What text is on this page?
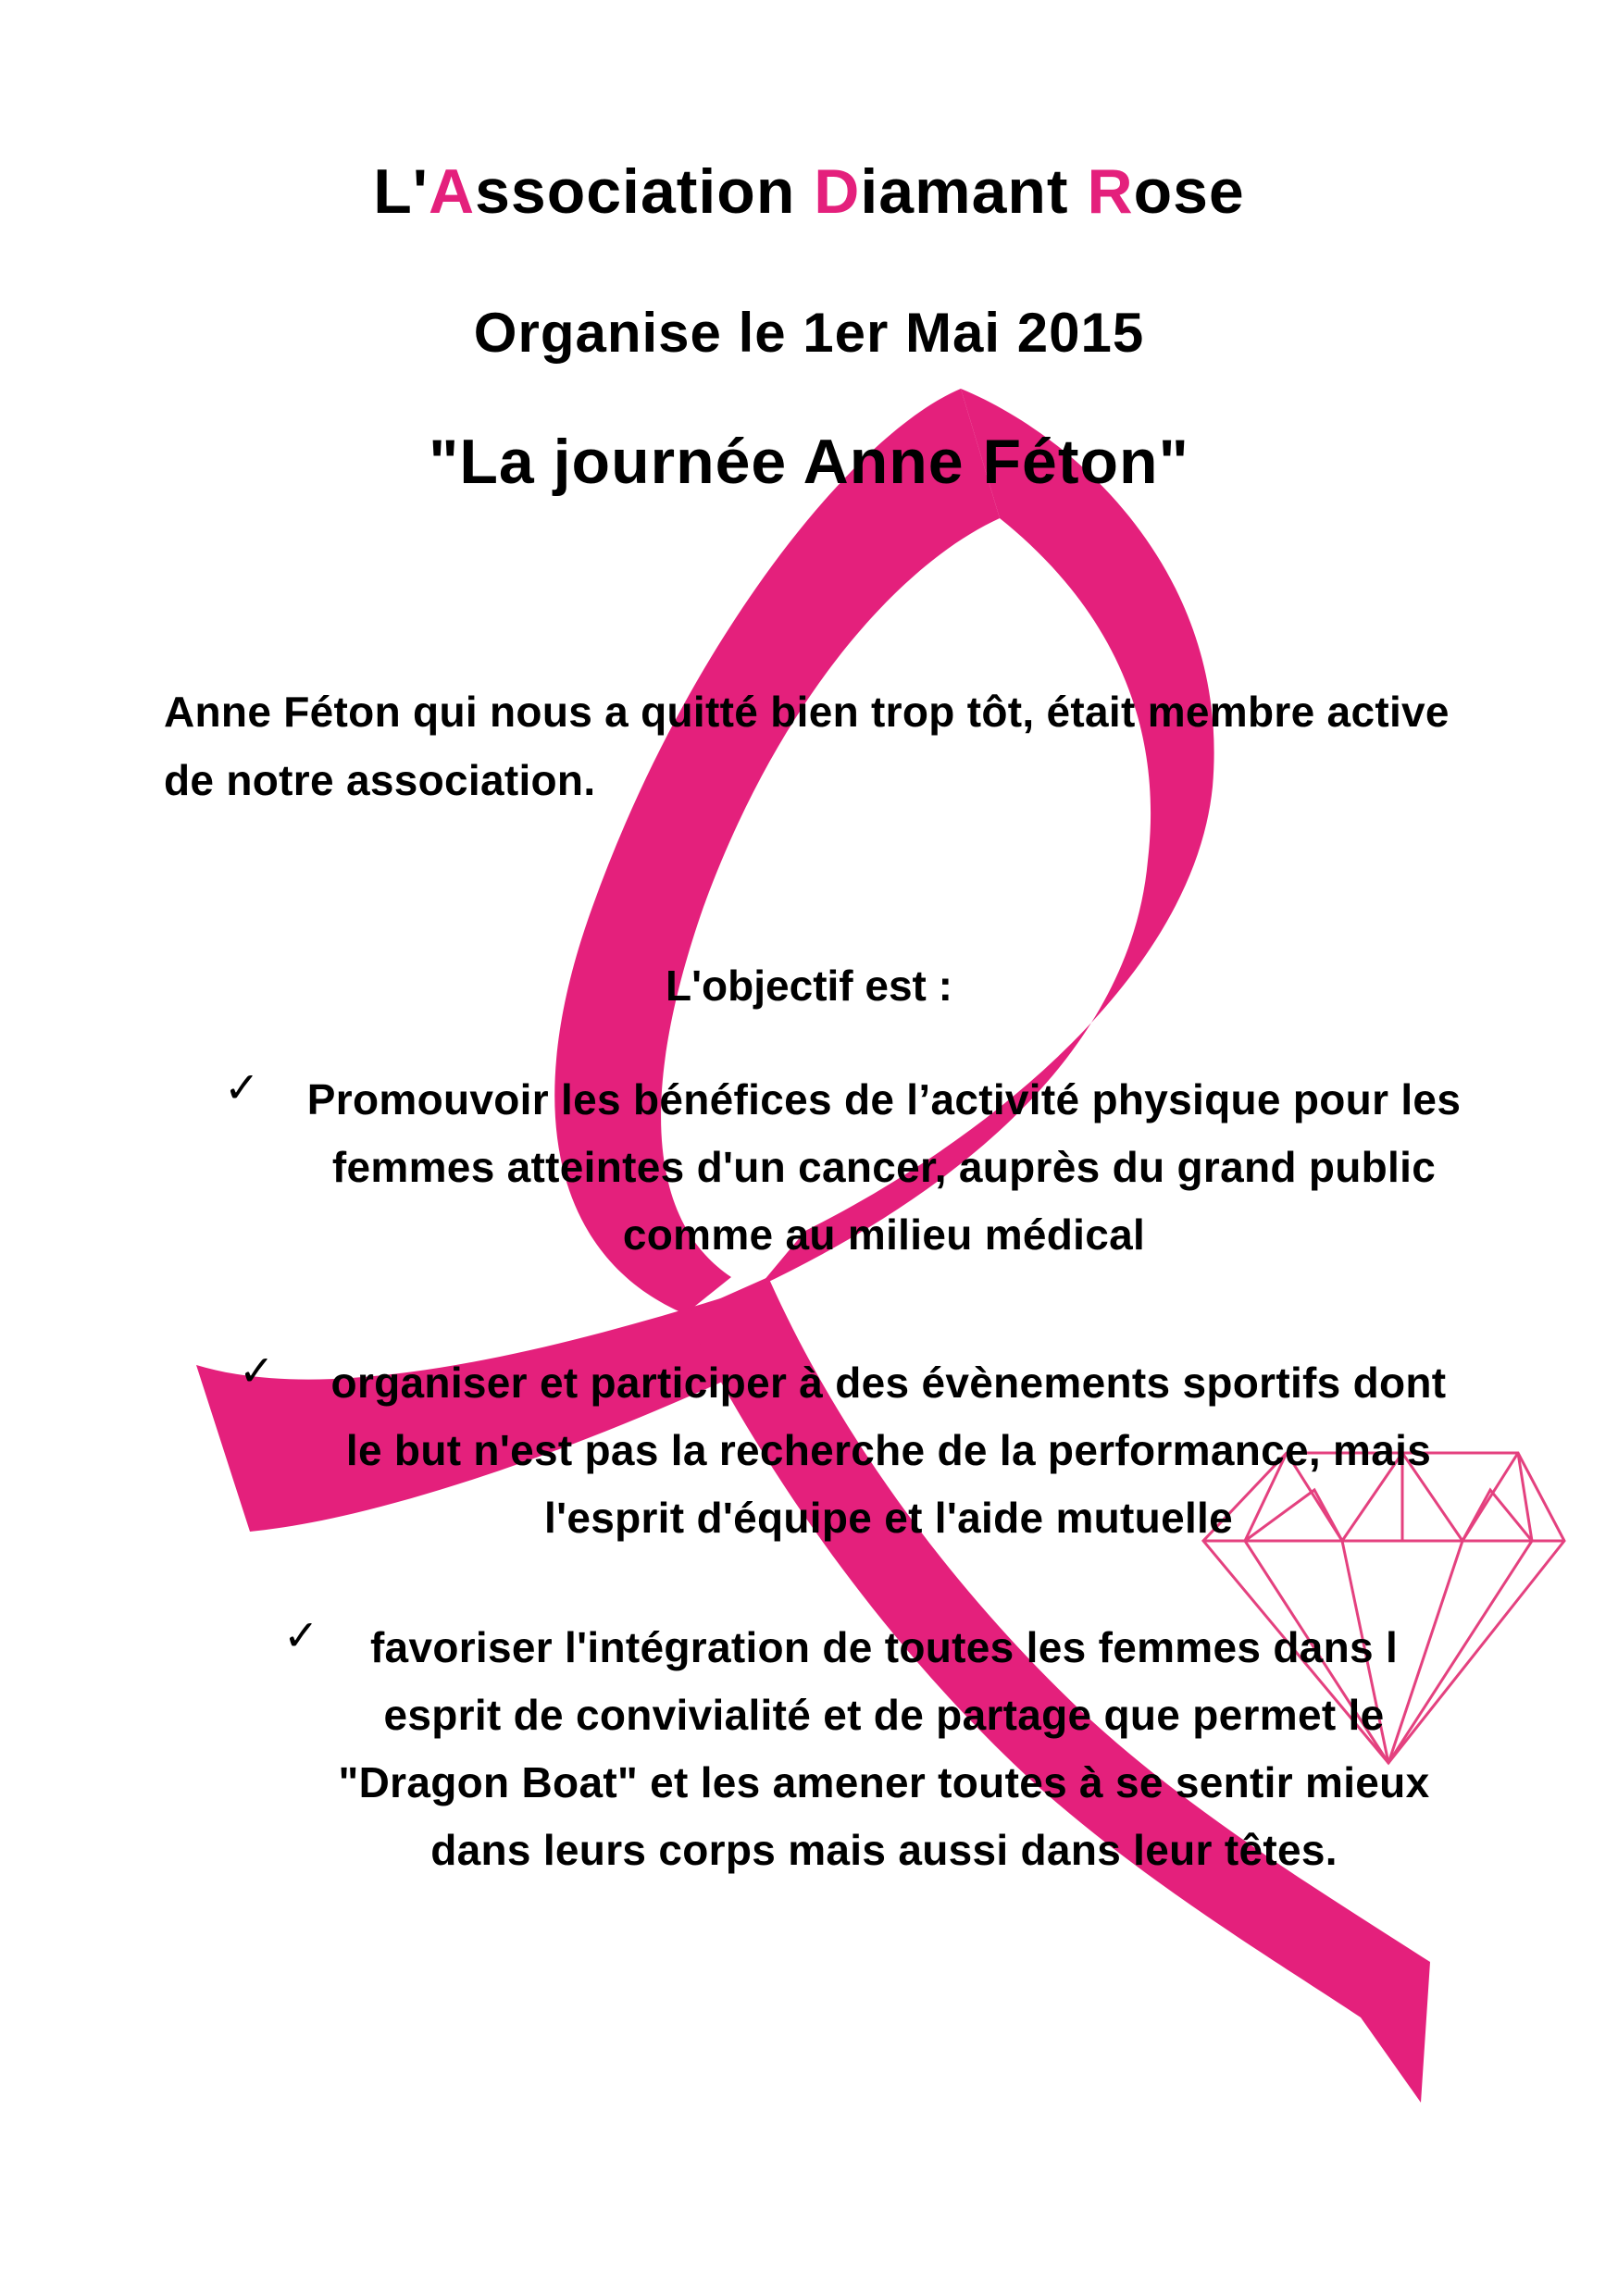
L'Association Diamant Rose
Organise le 1er Mai 2015
"La journée Anne Féton"
Anne Féton qui nous a quitté bien trop tôt, était membre active
de notre association.
L'objectif est :
✓ Promouvoir les bénéfices de l’activité physique pour les
femmes atteintes d'un cancer, auprès du grand public
comme au milieu médical
✓	organiser et participer à des évènements sportifs dont
le but n'est pas la recherche de la performance, mais
l'esprit d'équipe et l'aide mutuelle
✓	favoriser l'intégration de toutes les femmes dans l
esprit de convivialité et de partage que permet le
"Dragon Boat" et les amener toutes à se sentir mieux
dans leurs corps mais aussi dans leur têtes.
